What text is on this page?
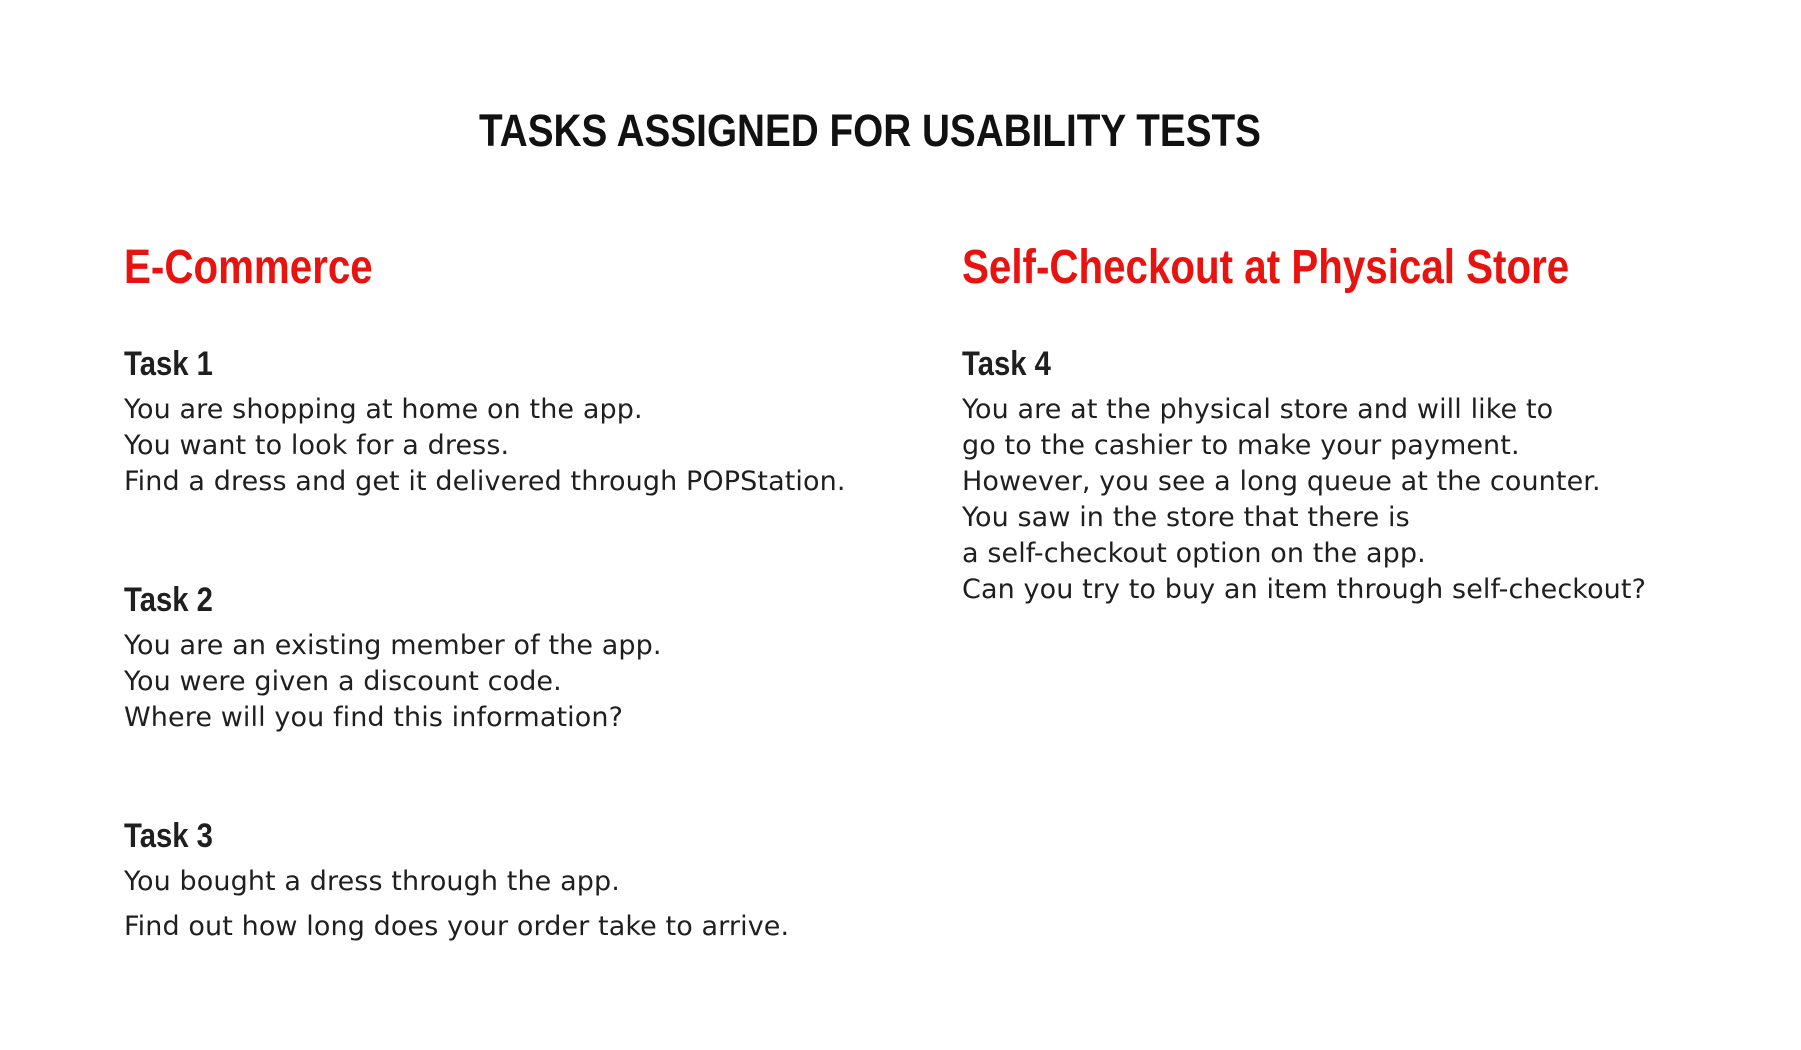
TASKS ASSIGNED FOR USABILITY TESTS
E-Commerce
Task 1
You are shopping at home on the app.
You want to look for a dress.
Find a dress and get it delivered through POPStation.
Task 2
You are an existing member of the app.
You were given a discount code.
Where will you find this information?
Task 3
You bought a dress through the app.
Find out how long does your order take to arrive.
Self-Checkout at Physical Store
Task 4
You are at the physical store and will like to
go to the cashier to make your payment.
However, you see a long queue at the counter.
You saw in the store that there is
a self-checkout option on the app.
Can you try to buy an item through self-checkout?
